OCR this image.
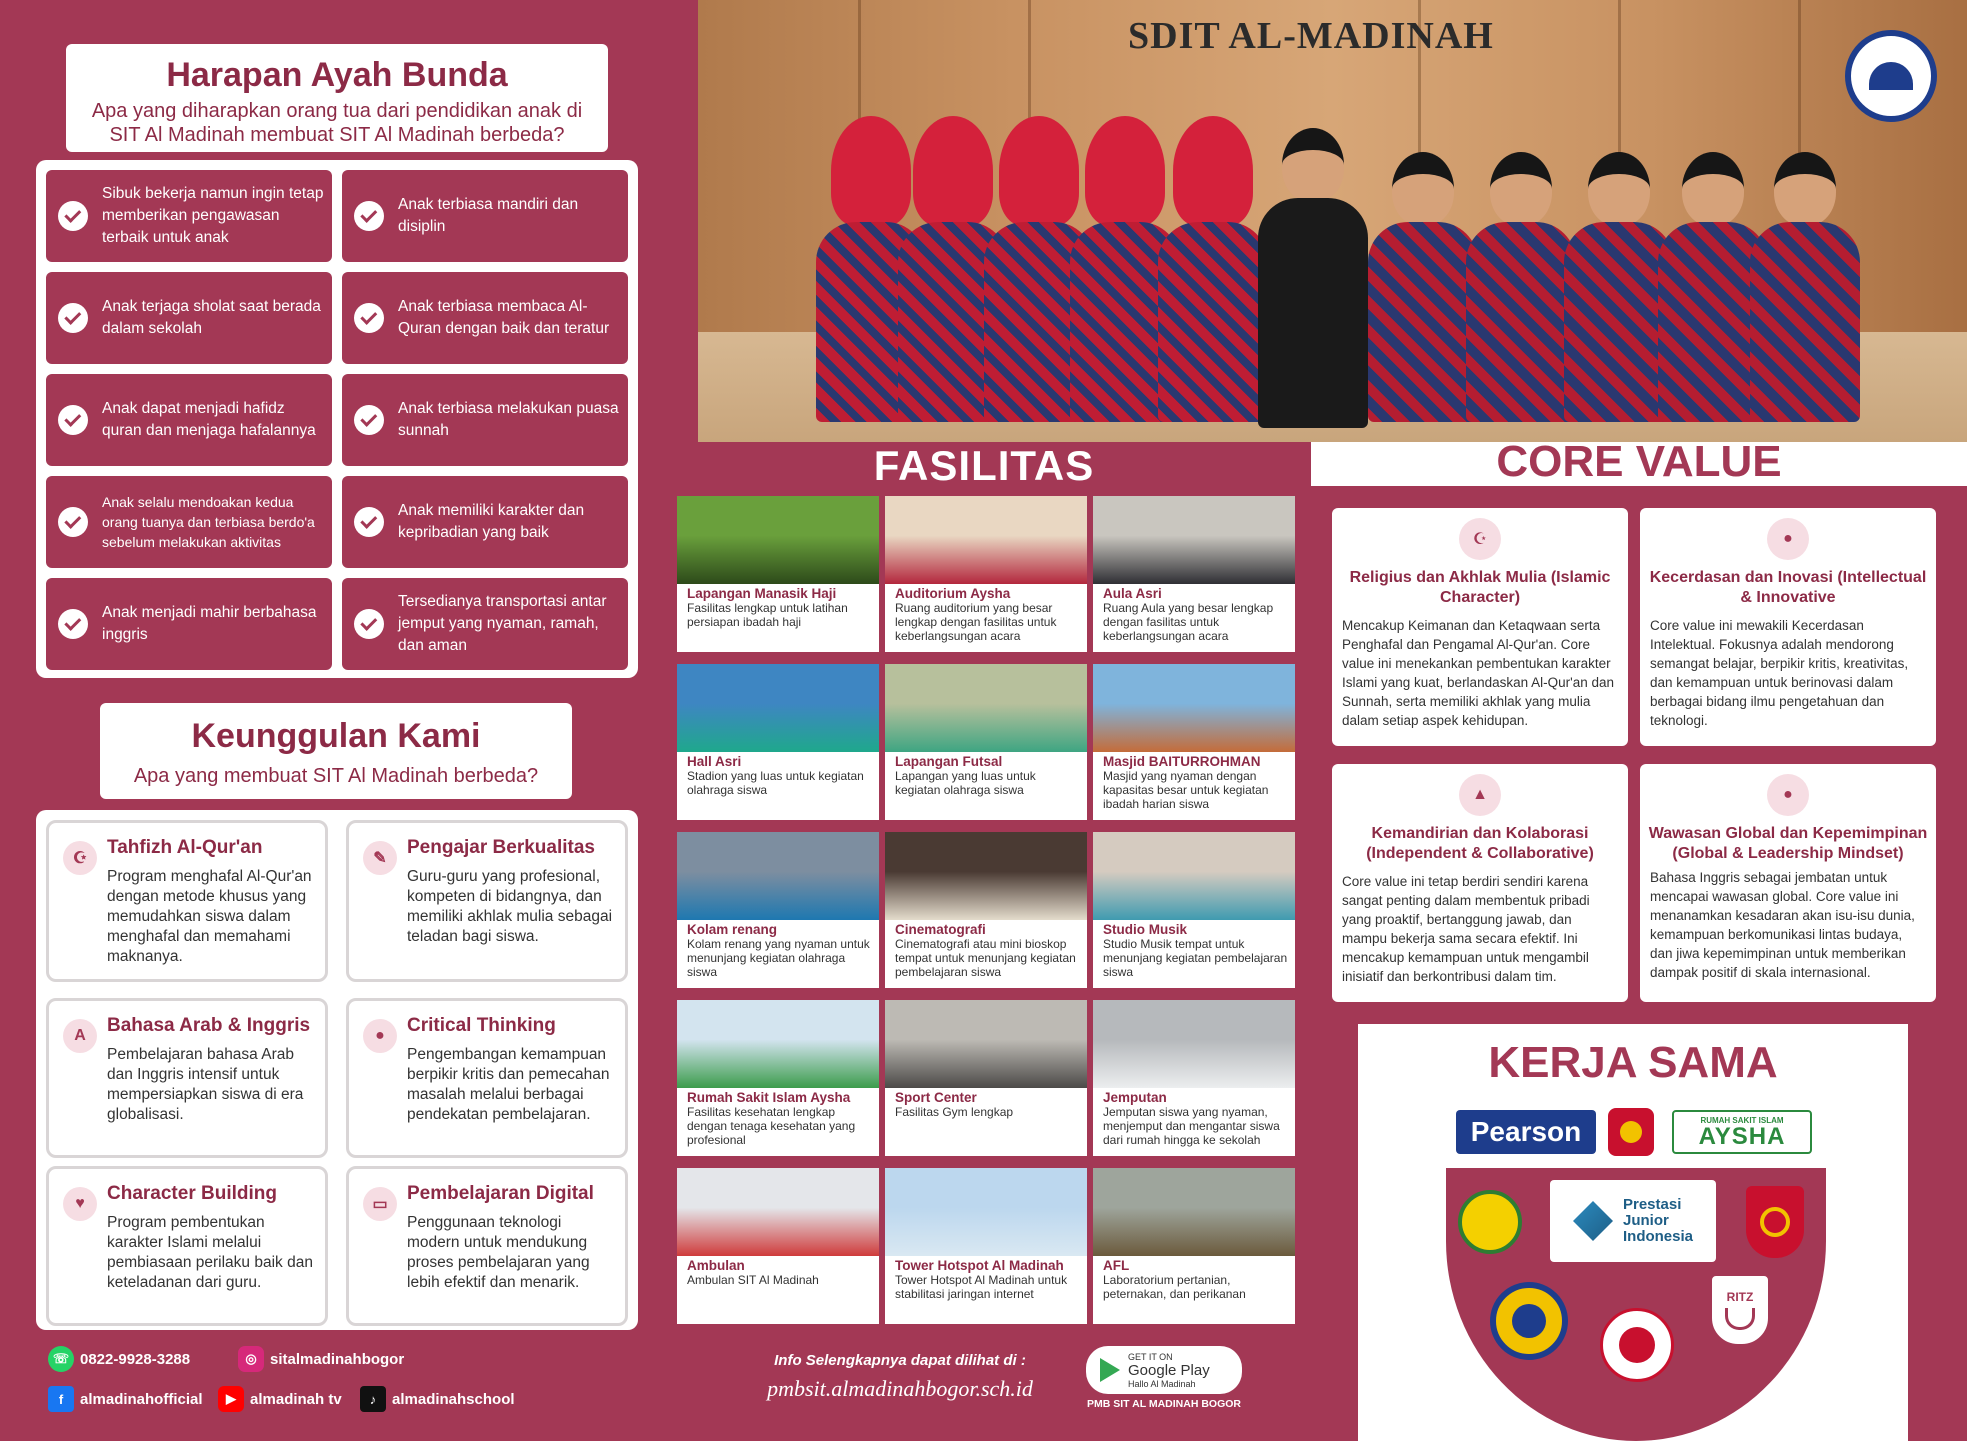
Harapan Ayah Bunda
Apa yang diharapkan orang tua dari pendidikan anak di SIT Al Madinah membuat SIT Al Madinah berbeda?
Sibuk bekerja namun ingin tetap memberikan pengawasan terbaik untuk anak
Anak terbiasa mandiri dan disiplin
Anak terjaga sholat saat berada dalam sekolah
Anak terbiasa membaca Al-Quran dengan baik dan teratur
Anak dapat menjadi hafidz quran dan menjaga hafalannya
Anak terbiasa melakukan puasa sunnah
Anak selalu mendoakan kedua orang tuanya dan terbiasa berdo'a sebelum melakukan aktivitas
Anak memiliki karakter dan kepribadian yang baik
Anak menjadi mahir berbahasa inggris
Tersedianya transportasi antar jemput yang nyaman, ramah, dan aman
Keunggulan Kami
Apa yang membuat SIT Al Madinah berbeda?
☪
Tahfizh Al-Qur'an
Program menghafal Al-Qur'an dengan metode khusus yang memudahkan siswa dalam menghafal dan memahami maknanya.
✎
Pengajar Berkualitas
Guru-guru yang profesional, kompeten di bidangnya, dan memiliki akhlak mulia sebagai teladan bagi siswa.
A	Bahasa Arab & Inggris
Pembelajaran bahasa Arab dan Inggris intensif untuk mempersiapkan siswa di era globalisasi.
●	Critical Thinking
Pengembangan kemampuan berpikir kritis dan pemecahan masalah melalui berbagai pendekatan pembelajaran.
♥	Character Building
Program pembentukan karakter Islami melalui pembiasaan perilaku baik dan keteladanan dari guru.
▭
Pembelajaran Digital
Penggunaan teknologi modern untuk mendukung proses pembelajaran yang lebih efektif dan menarik.
☏ 0822-9928-3288	◎ sitalmadinahbogor
f	almadinahofficial	▶ almadinah tv	♪	almadinahschool
SDIT AL-MADINAH
FASILITAS
Lapangan Manasik Haji
Fasilitas lengkap untuk latihan persiapan ibadah haji
Auditorium Aysha
Ruang auditorium yang besar lengkap dengan fasilitas untuk keberlangsungan acara
Aula Asri
Ruang Aula yang besar lengkap dengan fasilitas untuk keberlangsungan acara
Hall Asri
Stadion yang luas untuk kegiatan olahraga siswa
Lapangan Futsal
Lapangan yang luas untuk kegiatan olahraga siswa
Masjid BAITURROHMAN
Masjid yang nyaman dengan kapasitas besar untuk kegiatan ibadah harian siswa
Kolam renang
Kolam renang yang nyaman untuk menunjang kegiatan olahraga siswa
Cinematografi
Cinematografi atau mini bioskop tempat untuk menunjang kegiatan pembelajaran siswa
Studio Musik
Studio Musik tempat untuk menunjang kegiatan pembelajaran siswa
Rumah Sakit Islam Aysha
Fasilitas kesehatan lengkap dengan tenaga kesehatan yang profesional
Sport Center
Fasilitas Gym lengkap
Jemputan
Jemputan siswa yang nyaman, menjemput dan mengantar siswa dari rumah hingga ke sekolah
Ambulan
Ambulan SIT Al Madinah
Tower Hotspot Al Madinah
Tower Hotspot Al Madinah untuk stabilitasi jaringan internet
AFL
Laboratorium pertanian, peternakan, dan perikanan
CORE VALUE
☪
Religius dan Akhlak Mulia (Islamic Character)
Mencakup Keimanan dan Ketaqwaan serta Penghafal dan Pengamal Al-Qur'an. Core value ini menekankan pembentukan karakter Islami yang kuat, berlandaskan Al-Qur'an dan Sunnah, serta memiliki akhlak yang mulia dalam setiap aspek kehidupan.
●
Kecerdasan dan Inovasi (Intellectual & Innovative
Core value ini mewakili Kecerdasan Intelektual. Fokusnya adalah mendorong semangat belajar, berpikir kritis, kreativitas, dan kemampuan untuk berinovasi dalam berbagai bidang ilmu pengetahuan dan teknologi.
▲
Kemandirian dan Kolaborasi (Independent & Collaborative)
Core value ini tetap berdiri sendiri karena sangat penting dalam membentuk pribadi yang proaktif, bertanggung jawab, dan mampu bekerja sama secara efektif. Ini mencakup kemampuan untuk mengambil inisiatif dan berkontribusi dalam tim.
●
Wawasan Global dan Kepemimpinan (Global & Leadership Mindset)
Bahasa Inggris sebagai jembatan untuk mencapai wawasan global. Core value ini menanamkan kesadaran akan isu-isu dunia, kemampuan berkomunikasi lintas budaya, dan jiwa kepemimpinan untuk memberikan dampak positif di skala internasional.
KERJA SAMA
Pearson	RUMAH SAKIT ISLAM
AYSHA
Prestasi
Junior
Indonesia
RITZ
Info Selengkapnya dapat dilihat di :
pmbsit.almadinahbogor.sch.id
GET IT ON
Google Play
Hallo Al Madinah
PMB SIT AL MADINAH BOGOR
